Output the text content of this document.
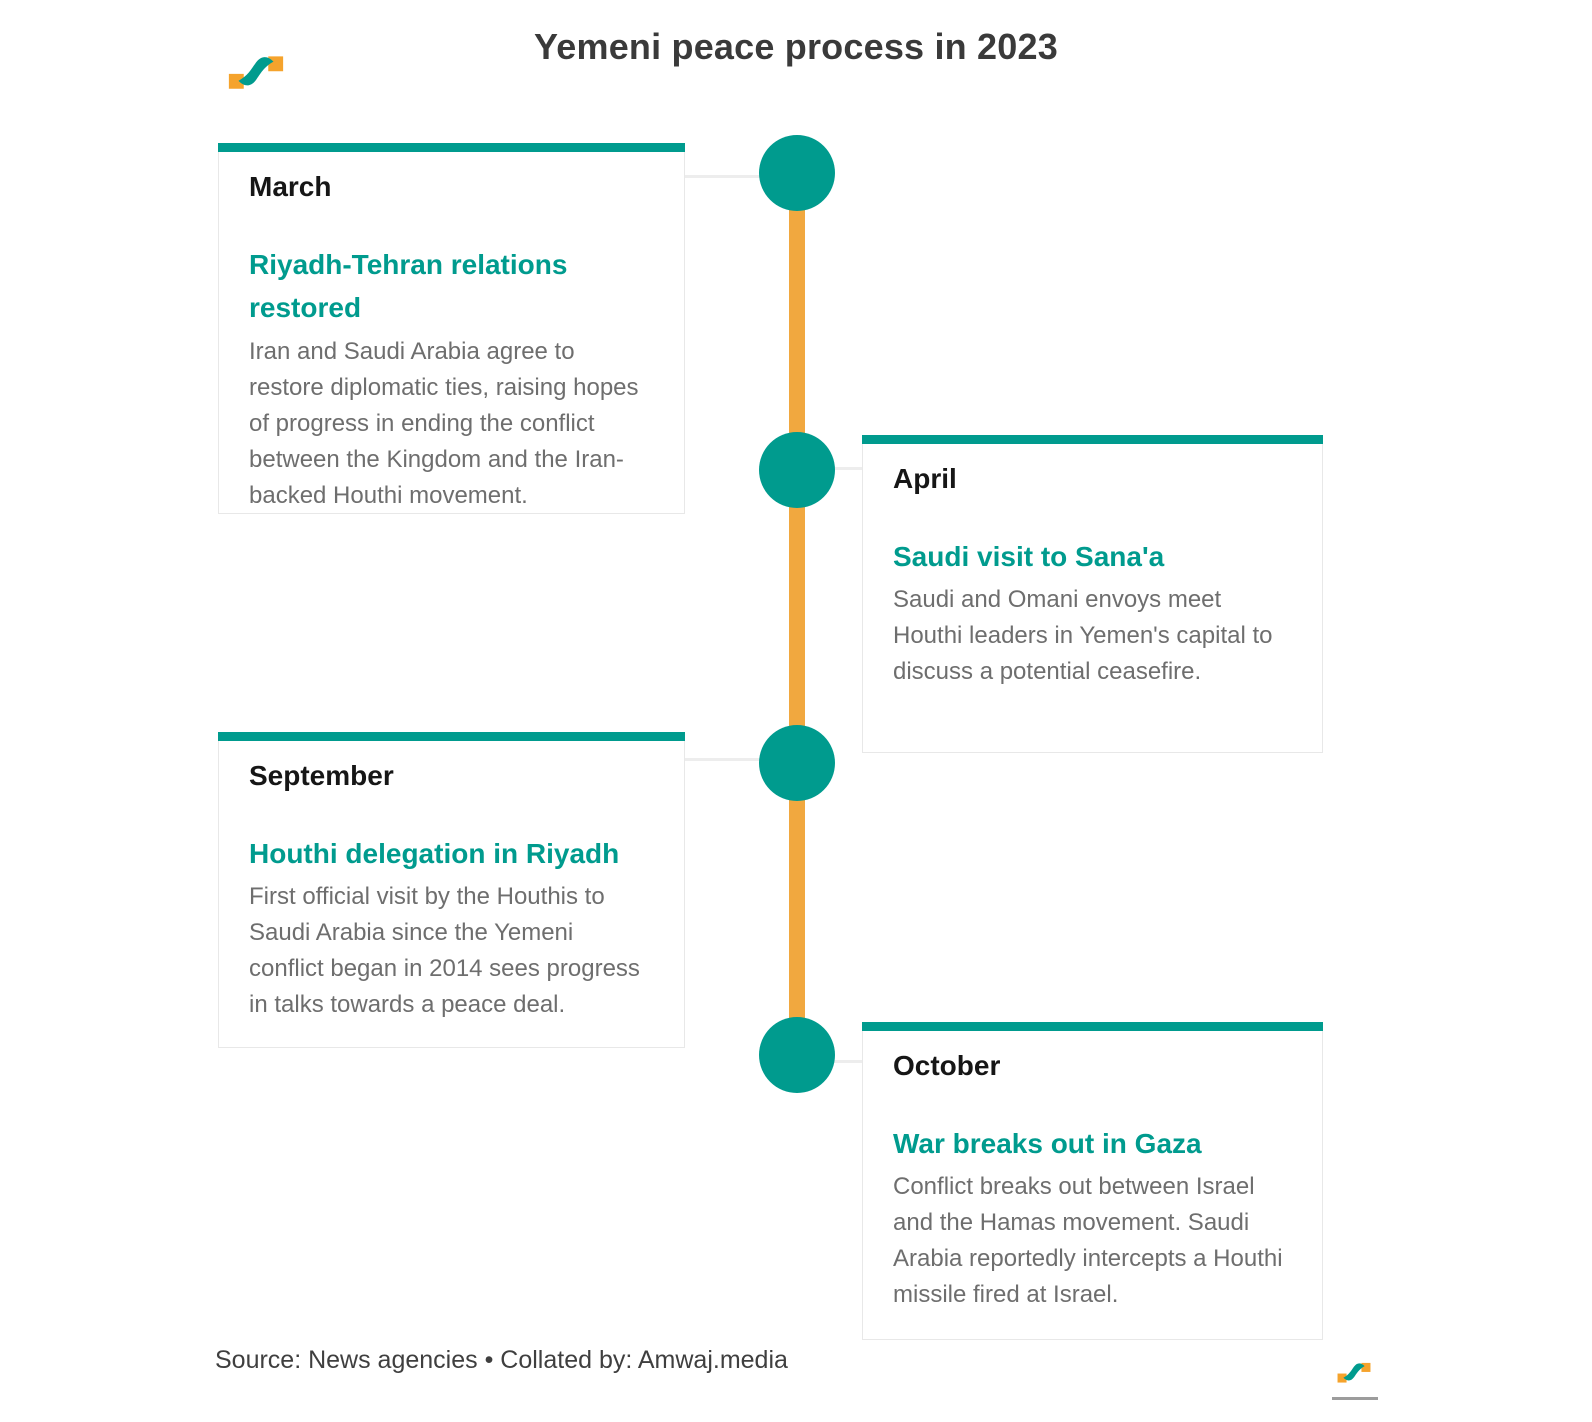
Yemeni peace process in 2023
March
Riyadh-Tehran relations restored

Iran and Saudi Arabia agree to restore diplomatic ties, raising hopes of progress in ending the conflict between the Kingdom and the Iran-backed Houthi movement.

April
Saudi visit to Sana'a

Saudi and Omani envoys meet Houthi leaders in Yemen's capital to discuss a potential ceasefire.

September
Houthi delegation in Riyadh

First official visit by the Houthis to Saudi Arabia since the Yemeni conflict began in 2014 sees progress in talks towards a peace deal.

October
War breaks out in Gaza

Conflict breaks out between Israel and the Hamas movement. Saudi Arabia reportedly intercepts a Houthi missile fired at Israel.

Source: News agencies • Collated by: Amwaj.media
